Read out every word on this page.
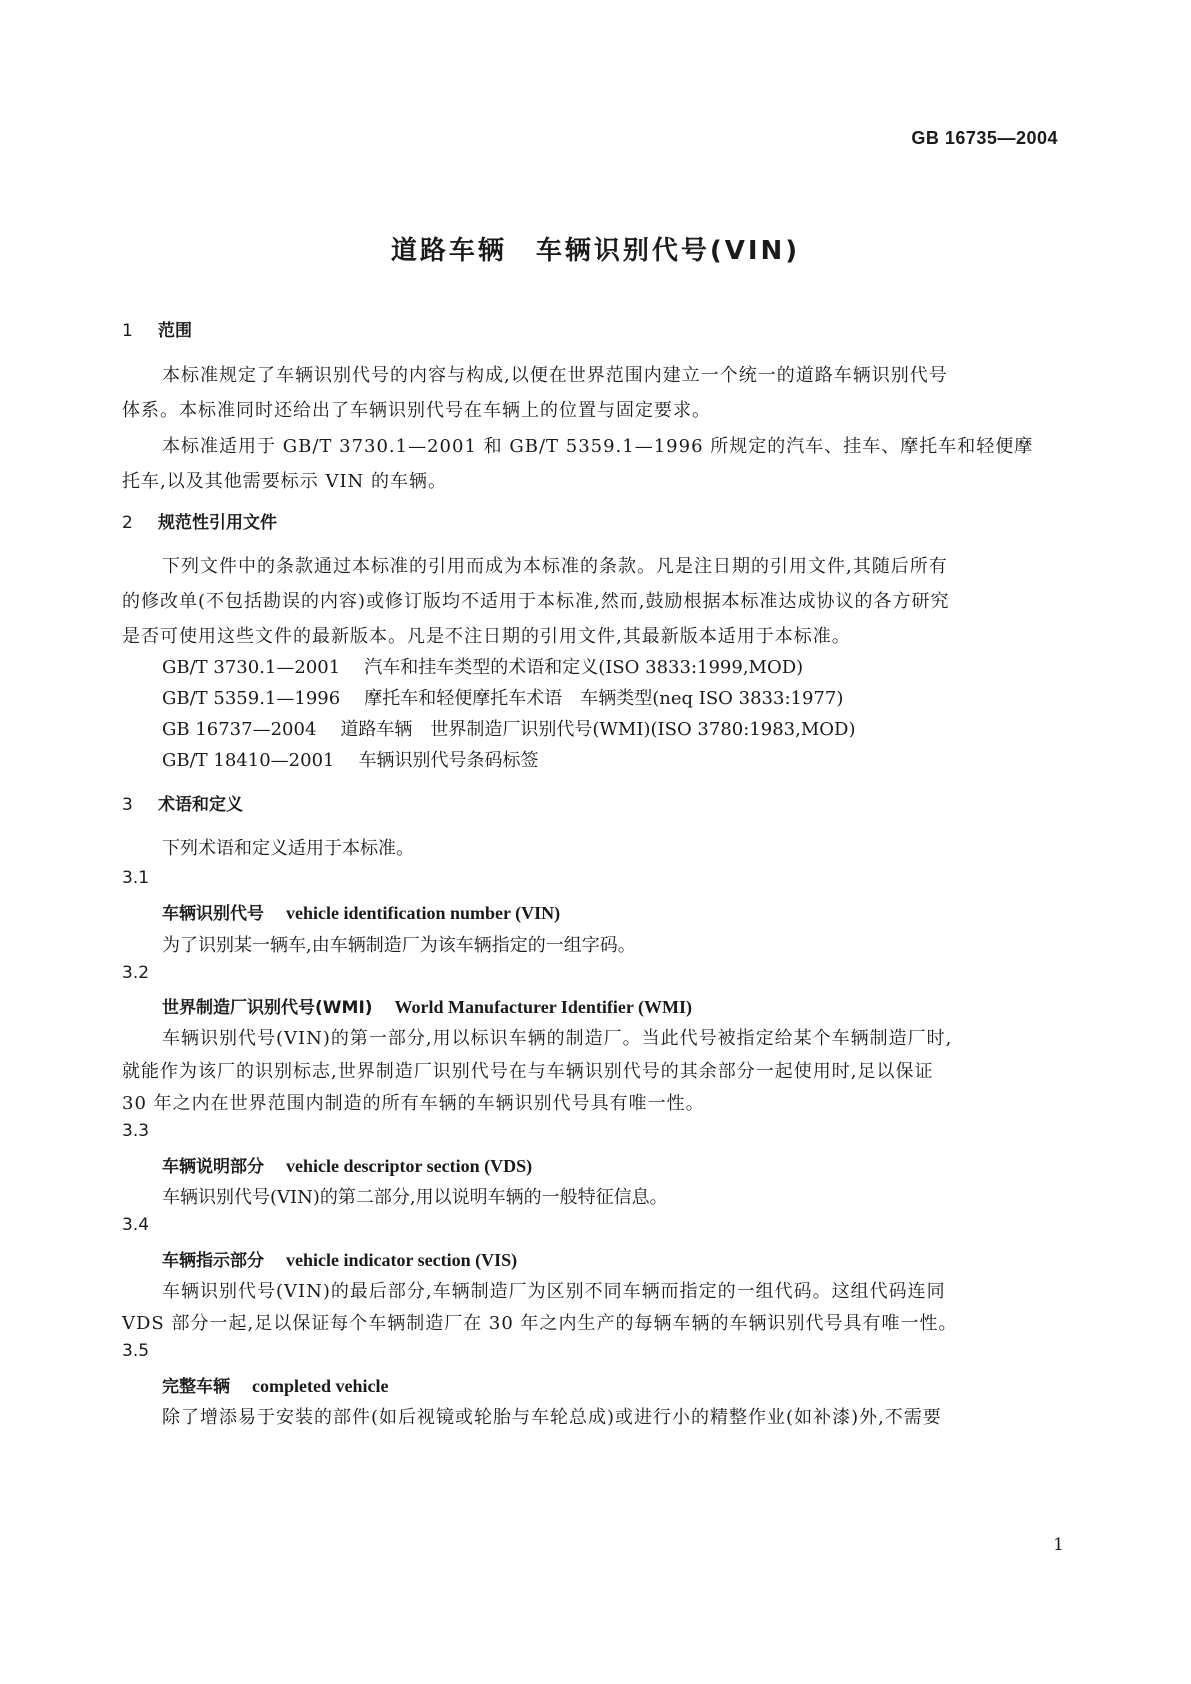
GB 16735—2004
道路车辆　车辆识别代号(VIN)
1 范围
本标准规定了车辆识别代号的内容与构成,以便在世界范围内建立一个统一的道路车辆识别代号
体系。本标准同时还给出了车辆识别代号在车辆上的位置与固定要求。
本标准适用于 GB/T 3730.1—2001 和 GB/T 5359.1—1996 所规定的汽车、挂车、摩托车和轻便摩
托车,以及其他需要标示 VIN 的车辆。
2 规范性引用文件
下列文件中的条款通过本标准的引用而成为本标准的条款。凡是注日期的引用文件,其随后所有
的修改单(不包括勘误的内容)或修订版均不适用于本标准,然而,鼓励根据本标准达成协议的各方研究
是否可使用这些文件的最新版本。凡是不注日期的引用文件,其最新版本适用于本标准。
GB/T 3730.1—2001 汽车和挂车类型的术语和定义(ISO 3833:1999,MOD)
GB/T 5359.1—1996 摩托车和轻便摩托车术语　车辆类型(neq ISO 3833:1977)
GB 16737—2004 道路车辆　世界制造厂识别代号(WMI)(ISO 3780:1983,MOD)
GB/T 18410—2001 车辆识别代号条码标签
3 术语和定义
下列术语和定义适用于本标准。
3.1
车辆识别代号 vehicle identification number (VIN)
为了识别某一辆车,由车辆制造厂为该车辆指定的一组字码。
3.2
世界制造厂识别代号(WMI) World Manufacturer Identifier (WMI)
车辆识别代号(VIN)的第一部分,用以标识车辆的制造厂。当此代号被指定给某个车辆制造厂时,
就能作为该厂的识别标志,世界制造厂识别代号在与车辆识别代号的其余部分一起使用时,足以保证
30 年之内在世界范围内制造的所有车辆的车辆识别代号具有唯一性。
3.3
车辆说明部分 vehicle descriptor section (VDS)
车辆识别代号(VIN)的第二部分,用以说明车辆的一般特征信息。
3.4
车辆指示部分 vehicle indicator section (VIS)
车辆识别代号(VIN)的最后部分,车辆制造厂为区别不同车辆而指定的一组代码。这组代码连同
VDS 部分一起,足以保证每个车辆制造厂在 30 年之内生产的每辆车辆的车辆识别代号具有唯一性。
3.5
完整车辆 completed vehicle
除了增添易于安装的部件(如后视镜或轮胎与车轮总成)或进行小的精整作业(如补漆)外,不需要
1
